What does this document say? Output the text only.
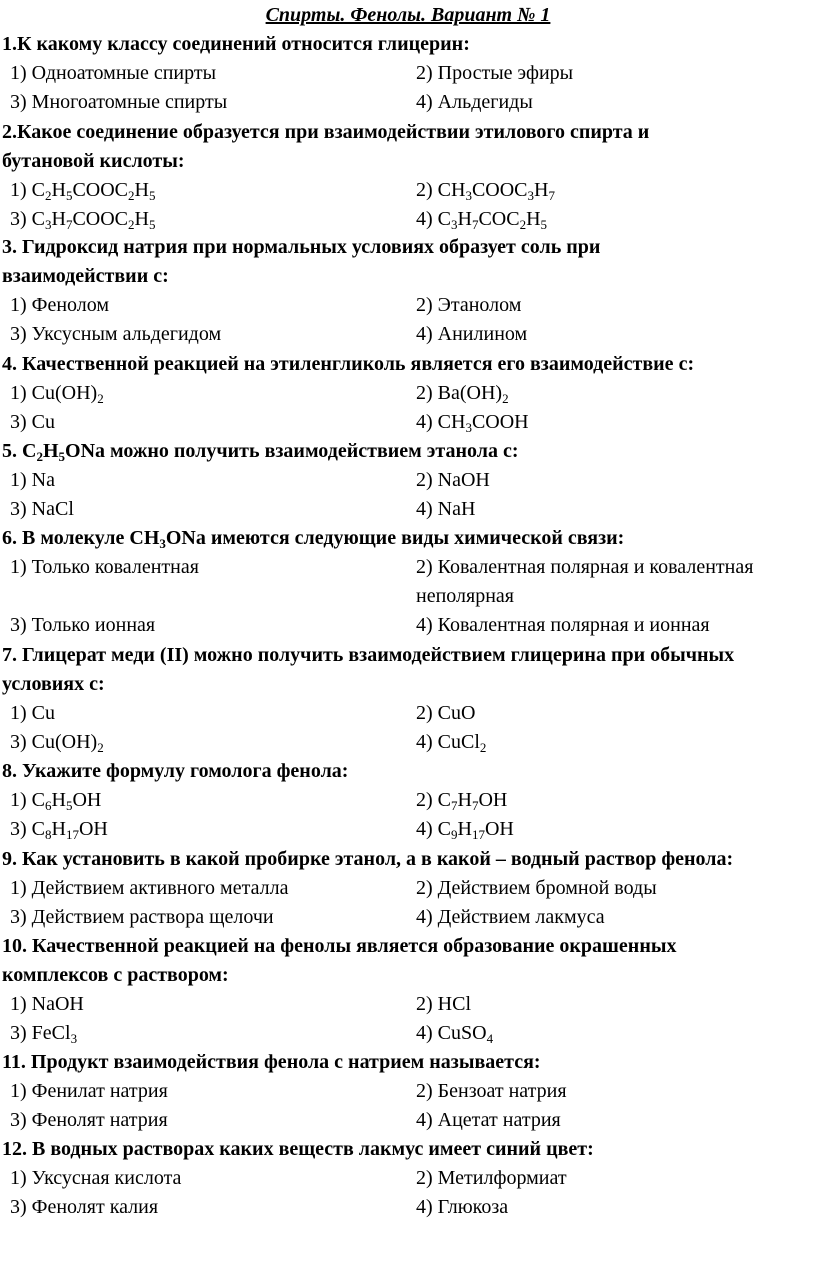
Спирты. Фенолы. Вариант № 1
1.К какому классу соединений относится глицерин:
1) Одноатомные спирты	2) Простые эфиры
3) Многоатомные спирты	4) Альдегиды
2.Какое соединение образуется при взаимодействии этилового спирта и
бутановой кислоты:
1) $C_2H_5COOC_2H_5$	2) $CH_3COOC_3H_7$
3) $C_3H_7COOC_2H_5$	4) $C_3H_7COC_2H_5$
3. Гидроксид натрия при нормальных условиях образует соль при
взаимодействии с:
1) Фенолом	2) Этанолом
3) Уксусным альдегидом	4) Анилином
4. Качественной реакцией на этиленгликоль является его взаимодействие с:
1) $Cu(OH)_2$	2) $Ba(OH)_2$
3) Cu	4) $CH_3COOH$
5. $C_2H_5ONa$ можно получить взаимодействием этанола с:
1) Na	2) NaOH
3) NaCl	4) NaH
6. В молекуле $CH_3ONa$ имеются следующие виды химической связи:
1) Только ковалентная	2) Ковалентная полярная и ковалентная
неполярная
3) Только ионная	4) Ковалентная полярная и ионная
7. Глицерат меди (II) можно получить взаимодействием глицерина при обычных
условиях с:
1) Cu	2) CuO
3) $Cu(OH)_2$	4) CuCl$_2$
8. Укажите формулу гомолога фенола:
1) $C_6H_5OH$	2) $C_7H_7OH$
3) $C_8H_{17}OH$	4) $C_9H_{17}OH$
9. Как установить в какой пробирке этанол, а в какой – водный раствор фенола:
1) Действием активного металла	2) Действием бромной воды
3) Действием раствора щелочи	4) Действием лакмуса
10. Качественной реакцией на фенолы является образование окрашенных
комплексов с раствором:
1) NaOH	2) HCl
3) FeCl$_3$	4) CuSO$_4$
11. Продукт взаимодействия фенола с натрием называется:
1) Фенилат натрия	2) Бензоат натрия
3) Фенолят натрия	4) Ацетат натрия
12. В водных растворах каких веществ лакмус имеет синий цвет:
1) Уксусная кислота	2) Метилформиат
3) Фенолят калия	4) Глюкоза
